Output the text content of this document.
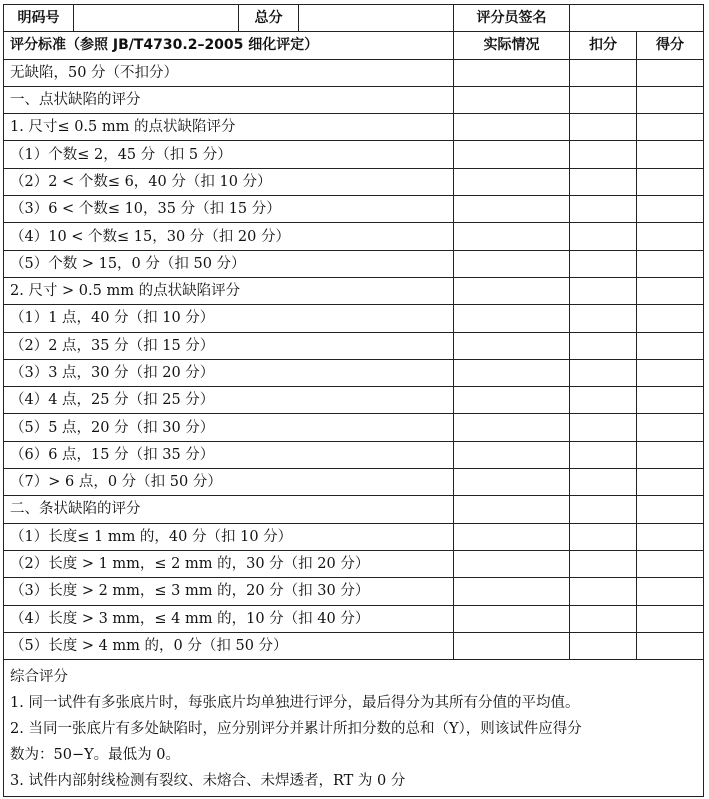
明码号		总分		评分员签名		
评分标准（参照 JB/T4730.2–2005 细化评定）				实际情况	扣分	得分
无缺陷，50 分（不扣分）						
一、点状缺陷的评分						
1. 尺寸≤ 0.5 mm 的点状缺陷评分						
（1）个数≤ 2，45 分（扣 5 分）						
（2）2 < 个数≤ 6，40 分（扣 10 分）						
（3）6 < 个数≤ 10，35 分（扣 15 分）						
（4）10 < 个数≤ 15，30 分（扣 20 分）						
（5）个数 > 15，0 分（扣 50 分）						
2. 尺寸 > 0.5 mm 的点状缺陷评分						
（1）1 点，40 分（扣 10 分）						
（2）2 点，35 分（扣 15 分）						
（3）3 点，30 分（扣 20 分）						
（4）4 点，25 分（扣 25 分）						
（5）5 点，20 分（扣 30 分）						
（6）6 点，15 分（扣 35 分）						
（7）> 6 点，0 分（扣 50 分）						
二、条状缺陷的评分						
（1）长度≤ 1 mm 的，40 分（扣 10 分）						
（2）长度 > 1 mm，≤ 2 mm 的，30 分（扣 20 分）						
（3）长度 > 2 mm，≤ 3 mm 的，20 分（扣 30 分）						
（4）长度 > 3 mm，≤ 4 mm 的，10 分（扣 40 分）						
（5）长度 > 4 mm 的，0 分（扣 50 分）						

综合评分
1. 同一试件有多张底片时，每张底片均单独进行评分，最后得分为其所有分值的平均值。
2. 当同一张底片有多处缺陷时，应分别评分并累计所扣分数的总和（Y），则该试件应得分
数为：50−Y。最低为 0。
3. 试件内部射线检测有裂纹、未熔合、未焊透者，RT 为 0 分						
